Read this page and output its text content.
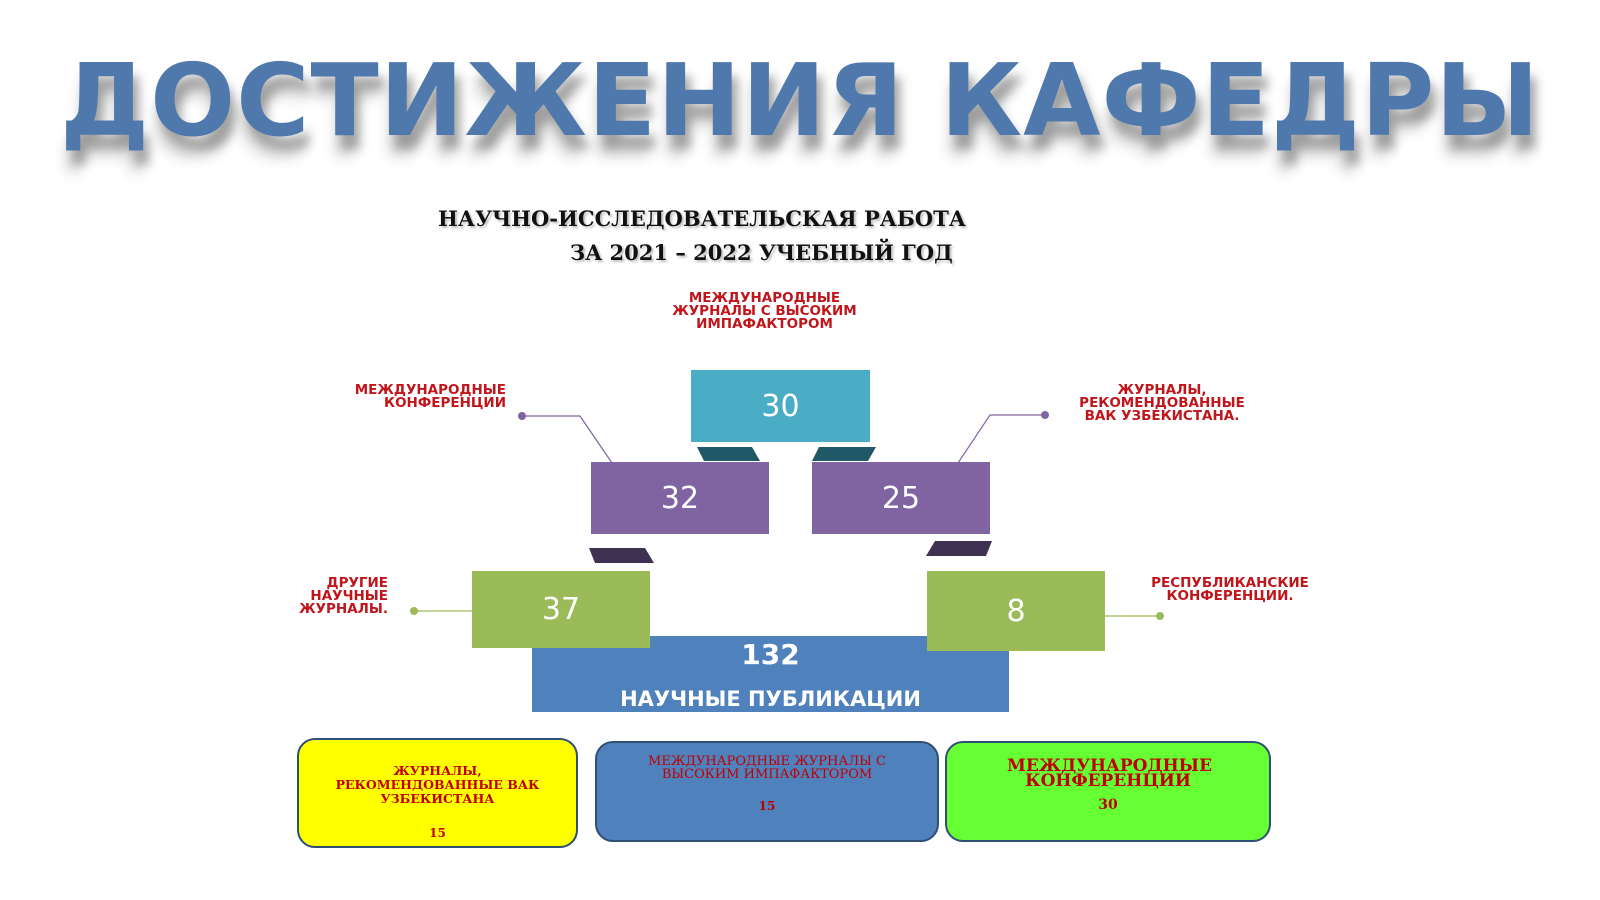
ДОСТИЖЕНИЯ КАФЕДРЫ
НАУЧНО-ИССЛЕДОВАТЕЛЬСКАЯ РАБОТА
ЗА 2021 – 2022 УЧЕБНЫЙ ГОД
МЕЖДУНАРОДНЫЕ
ЖУРНАЛЫ С ВЫСОКИМ
ИМПАФАКТОРОМ
МЕЖДУНАРОДНЫЕ
КОНФЕРЕНЦИИ
ЖУРНАЛЫ,
РЕКОМЕНДОВАННЫЕ
ВАК УЗБЕКИСТАНА.
ДРУГИЕ
НАУЧНЫЕ
ЖУРНАЛЫ.
РЕСПУБЛИКАНСКИЕ
КОНФЕРЕНЦИИ.
30
32	25
132
НАУЧНЫЕ ПУБЛИКАЦИИ
37	8
ЖУРНАЛЫ, РЕКОМЕНДОВАННЫЕ ВАК УЗБЕКИСТАНА
15
МЕЖДУНАРОДНЫЕ ЖУРНАЛЫ С ВЫСОКИМ ИМПАФАКТОРОМ
15
МЕЖДУНАРОДНЫЕ КОНФЕРЕНЦИИ
30
